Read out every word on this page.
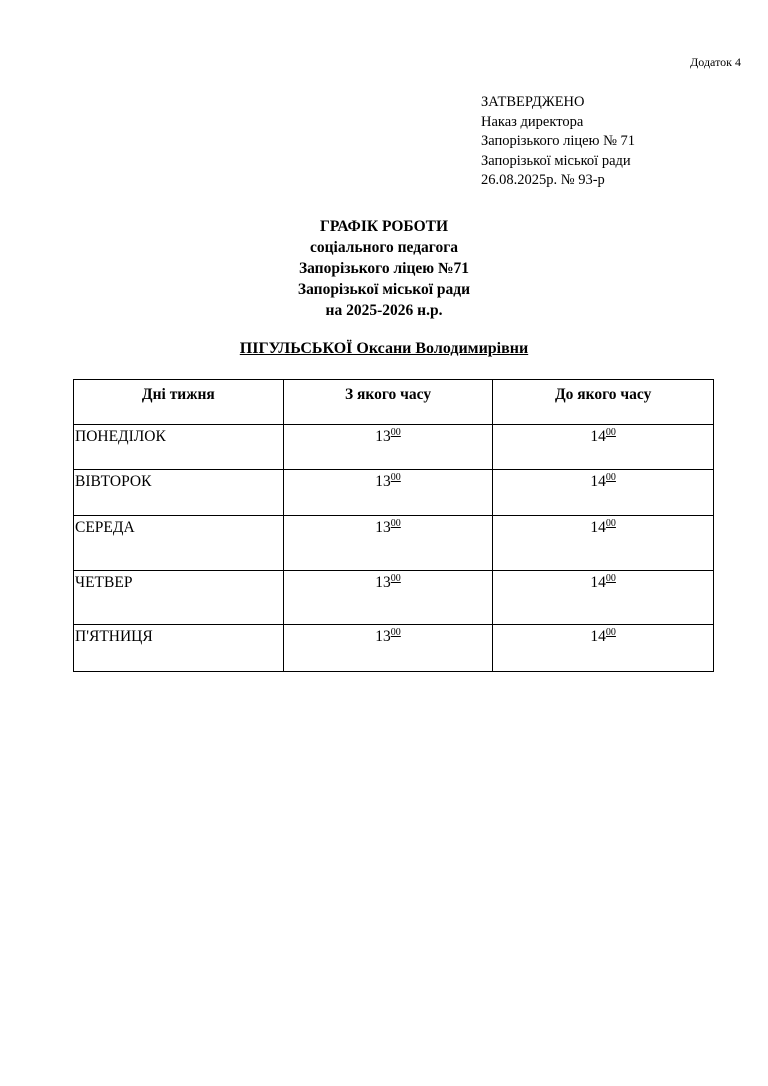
Додаток 4
ЗАТВЕРДЖЕНО
Наказ директора
Запорізького ліцею № 71
Запорізької міської ради
26.08.2025р. № 93-р
ГРАФІК РОБОТИ
соціального педагога
Запорізького ліцею №71
Запорізької міської ради
на 2025-2026 н.р.
ПІГУЛЬСЬКОЇ Оксани Володимирівни
Дні тижня	З якого часу	До якого часу
ПОНЕДІЛОК	$13^{00}$	$14^{00}$
ВІВТОРОК	$13^{00}$	$14^{00}$
СЕРЕДА	$13^{00}$	$14^{00}$
ЧЕТВЕР	$13^{00}$	$14^{00}$
П'ЯТНИЦЯ	$13^{00}$	$14^{00}$
